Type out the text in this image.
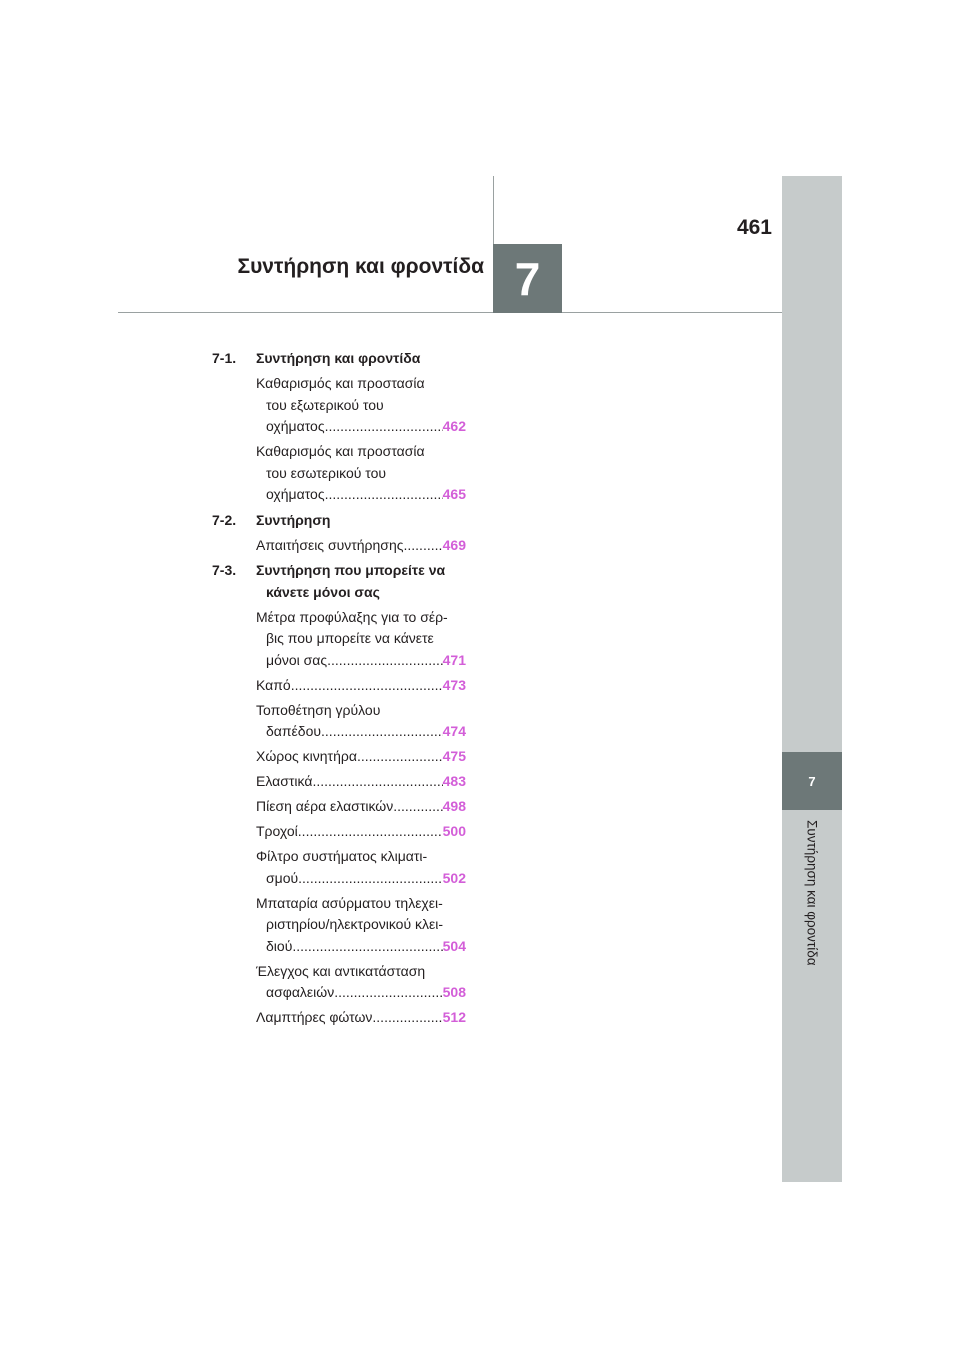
7
Συντήρηση και φροντίδα
461
7
Συντήρηση και φροντίδα
7-1.	Συντήρηση και φροντίδα
Καθαρισμός και προστασία
του εξωτερικού του
οχήματος .....	462
Καθαρισμός και προστασία
του εσωτερικού του
οχήματος .....	465
7-2.	Συντήρηση
Απαιτήσεις συντήρησης .....	469
7-3.	Συντήρηση που μπορείτε να
κάνετε μόνοι σας
Μέτρα προφύλαξης για το σέρ-
βις που μπορείτε να κάνετε
μόνοι σας .....	471
Καπό .....	473
Τοποθέτηση γρύλου
δαπέδου .....	474
Χώρος κινητήρα .....	475
Ελαστικά .....	483
Πίεση αέρα ελαστικών .....	498
Τροχοί .....	500
Φίλτρο συστήματος κλιματι-
σμού .....	502
Μπαταρία ασύρματου τηλεχει-
ριστηρίου/ηλεκτρονικού κλει-
διού .....	504
Έλεγχος και αντικατάσταση
ασφαλειών .....	508
Λαμπτήρες φώτων .....	512
